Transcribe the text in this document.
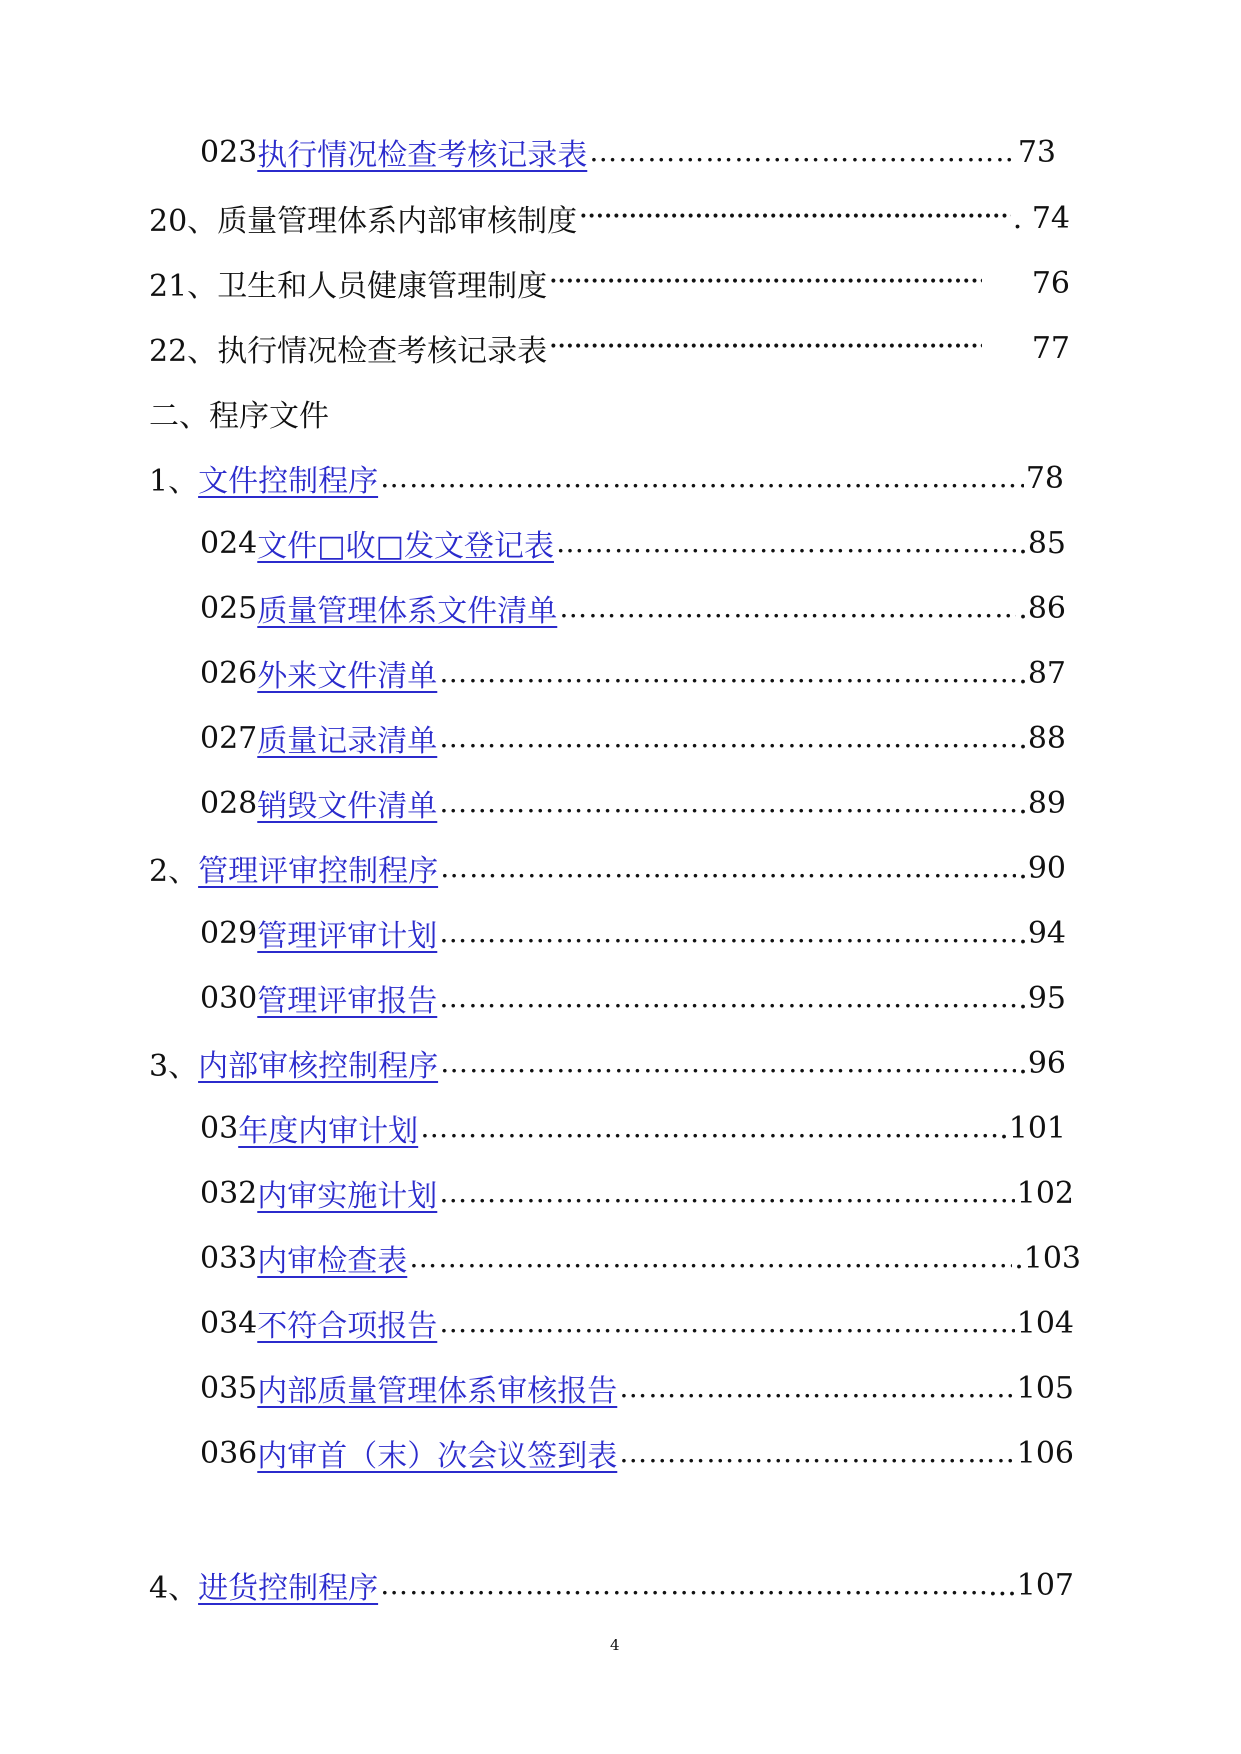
023 执行情况检查考核记录表 ………………………………………………………………………………………………………………………………	73
20、 质量管理体系内部审核制度 •••••	. 74
21、 卫生和人员健康管理制度 •••••	76
22、 执行情况检查考核记录表 •••••	77
二、 程序文件
1、 文件控制程序 ………………………………………………………………………………………………………………………………	78
024 文件□收□发文登记表 ………………………………………………………………………………………………………………………………	.85
025 质量管理体系文件清单 ………………………………………………………………………………………………………………………………	.86
026 外来文件清单 ………………………………………………………………………………………………………………………………	.87
027 质量记录清单 ………………………………………………………………………………………………………………………………	.88
028 销毁文件清单 ………………………………………………………………………………………………………………………………	.89
2、 管理评审控制程序 ………………………………………………………………………………………………………………………………	.90
029 管理评审计划 ………………………………………………………………………………………………………………………………	.94
030 管理评审报告 ………………………………………………………………………………………………………………………………	.95
3、 内部审核控制程序 ………………………………………………………………………………………………………………………………	.96
03 年度内审计划 ………………………………………………………………………………………………………………………………	.101
032 内审实施计划 ………………………………………………………………………………………………………………………………	102
033 内审检查表 ………………………………………………………………………………………………………………………………	.103
034 不符合项报告 ………………………………………………………………………………………………………………………………	104
035 内部质量管理体系审核报告 ………………………………………………………………………………………………………………………………	105
036 内审首（末）次会议签到表 ………………………………………………………………………………………………………………………………	106
4、 进货控制程序 ………………………………………………………………………………………………………………………………	...107
4
